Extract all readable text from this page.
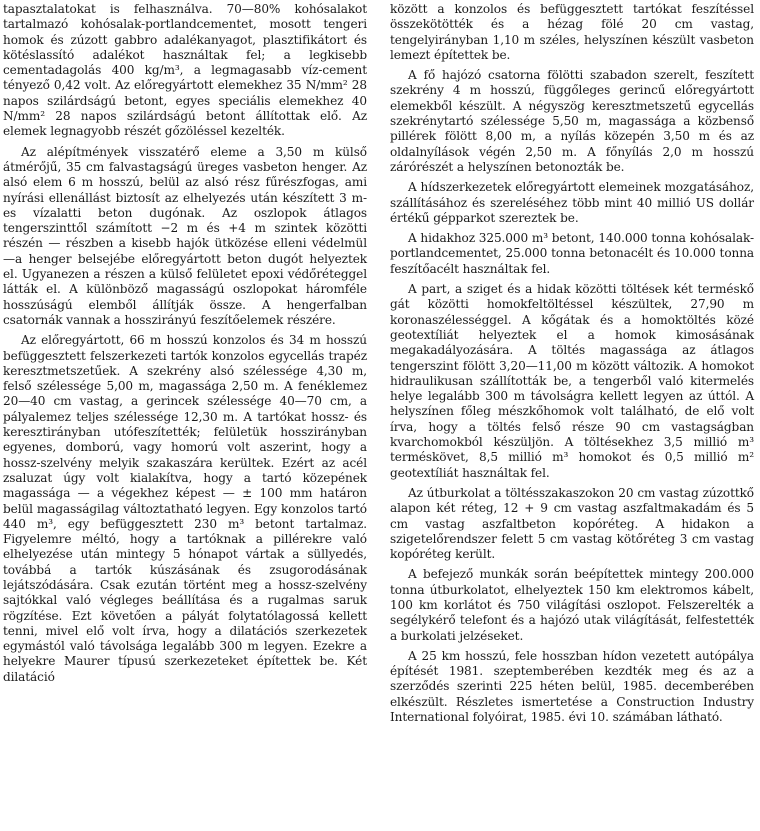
tapasztalatokat is felhasználva. 70—80% kohósalakot tartalmazó kohósalak-portlandcementet, mosott tengeri homok és zúzott gabbro adalékanyagot, plasztifikátort és kötéslassító adalékot használtak fel; a legkisebb cementadagolás 400 kg/m³, a legmagasabb víz-cement tényező 0,42 volt. Az előregyártott elemekhez 35 N/mm² 28 napos szilárdságú betont, egyes speciális elemekhez 40 N/mm² 28 napos szilárdságú betont állítottak elő. Az elemek legnagyobb részét gőzöléssel kezelték.

Az alépítmények visszatérő eleme a 3,50 m külső átmérőjű, 35 cm falvastagságú üreges vasbeton henger. Az alsó elem 6 m hosszú, belül az alsó rész fűrészfogas, ami nyírási ellenállást biztosít az elhelyezés után készített 3 m-es vízalatti beton dugónak. Az oszlopok átlagos tengerszinttől számított −2 m és +4 m szintek közötti részén — részben a kisebb hajók ütközése elleni védelmül —a henger belsejébe előregyártott beton dugót helyeztek el. Ugyanezen a részen a külső felületet epoxi védőréteggel látták el. A különböző magasságú oszlopokat háromféle hosszúságú elemből állítják össze. A hengerfalban csatornák vannak a hosszirányú feszítőelemek részére.

Az előregyártott, 66 m hosszú konzolos és 34 m hosszú befüggesztett felszerkezeti tartók konzolos egycellás trapéz keresztmetszetűek. A szekrény alsó szélessége 4,30 m, felső szélessége 5,00 m, magassága 2,50 m. A fenéklemez 20—40 cm vastag, a gerincek szélessége 40—70 cm, a pályalemez teljes szélessége 12,30 m. A tartókat hossz- és keresztirányban utófeszítették; felületük hosszirányban egyenes, domború, vagy homorú volt aszerint, hogy a hossz-szelvény melyik szakaszára kerültek. Ezért az acél zsaluzat úgy volt kialakítva, hogy a tartó közepének magassága — a végekhez képest — ± 100 mm határon belül magasságilag változtatható legyen. Egy konzolos tartó 440 m³, egy befüggesztett 230 m³ betont tartalmaz. Figyelemre méltó, hogy a tartóknak a pillérekre való elhelyezése után mintegy 5 hónapot vártak a süllyedés, továbbá a tartók kúszásának és zsugorodásának lejátszódására. Csak ezután történt meg a hossz-szelvény sajtókkal való végleges beállítása és a rugalmas saruk rögzítése. Ezt követően a pályát folytatólagossá kellett tenni, mivel elő volt írva, hogy a dilatációs szerkezetek egymástól való távolsága legalább 300 m legyen. Ezekre a helyekre Maurer típusú szerkezeteket építettek be. Két dilatáció

között a konzolos és befüggesztett tartókat feszítéssel összekötötték és a hézag fölé 20 cm vastag, tengelyirányban 1,10 m széles, helyszínen készült vasbeton lemezt építettek be.

A fő hajózó csatorna fölötti szabadon szerelt, feszített szekrény 4 m hosszú, függőleges gerincű előregyártott elemekből készült. A négyszög keresztmetszetű egycellás szekrénytartó szélessége 5,50 m, magassága a közbenső pillérek fölött 8,00 m, a nyílás közepén 3,50 m és az oldalnyílások végén 2,50 m. A főnyílás 2,0 m hosszú zárórészét a helyszínen betonozták be.

A hídszerkezetek előregyártott elemeinek mozgatásához, szállításához és szereléséhez több mint 40 millió US dollár értékű gépparkot szereztek be.

A hidakhoz 325.000 m³ betont, 140.000 tonna kohósalak-portlandcementet, 25.000 tonna betonacélt és 10.000 tonna feszítőacélt használtak fel.

A part, a sziget és a hidak közötti töltések két terméskő gát közötti homokfeltöltéssel készültek, 27,90 m koronaszélességgel. A kőgátak és a homoktöltés közé geotextíliát helyeztek el a homok kimosásának megakadályozására. A töltés magassága az átlagos tengerszint fölött 3,20—11,00 m között változik. A homokot hidraulikusan szállították be, a tengerből való kitermelés helye legalább 300 m távolságra kellett legyen az úttól. A helyszínen főleg mészkőhomok volt található, de elő volt írva, hogy a töltés felső része 90 cm vastagságban kvarchomokból készüljön. A töltésekhez 3,5 millió m³ terméskövet, 8,5 millió m³ homokot és 0,5 millió m² geotextíliát használtak fel.

Az útburkolat a töltésszakaszokon 20 cm vastag zúzottkő alapon két réteg, 12 + 9 cm vastag aszfaltmakadám és 5 cm vastag aszfaltbeton kopóréteg. A hidakon a szigetelőrendszer felett 5 cm vastag kötőréteg 3 cm vastag kopóréteg került.

A befejező munkák során beépítettek mintegy 200.000 tonna útburkolatot, elhelyeztek 150 km elektromos kábelt, 100 km korlátot és 750 világítási oszlopot. Felszerelték a segélykérő telefont és a hajózó utak világítását, felfestették a burkolati jelzéseket.

A 25 km hosszú, fele hosszban hídon vezetett autópálya építését 1981. szeptemberében kezdték meg és az a szerződés szerinti 225 héten belül, 1985. decemberében elkészült. Részletes ismertetése a Construction Industry International folyóirat, 1985. évi 10. számában látható.
